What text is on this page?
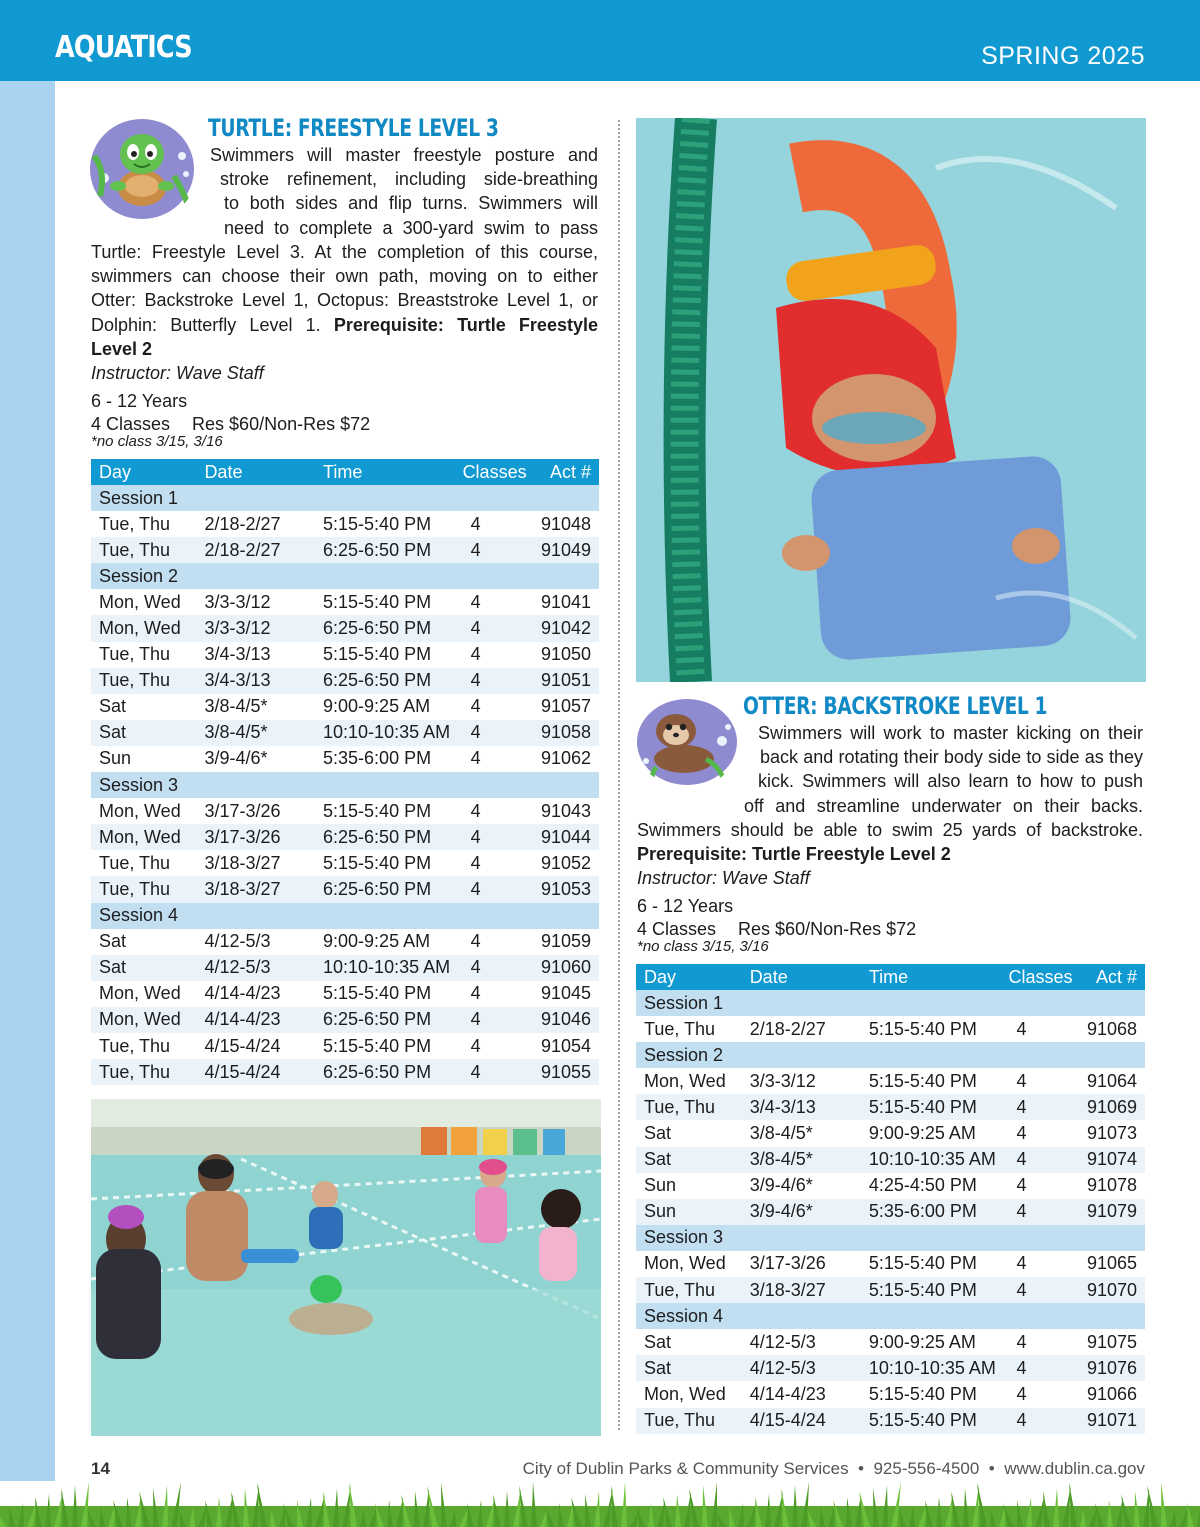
AQUATICS	SPRING 2025
TURTLE: FREESTYLE LEVEL 3
Swimmers will master freestyle posture and
stroke refinement, including side-breathing
to both sides and flip turns. Swimmers will
need to complete a 300-yard swim to pass
Turtle: Freestyle Level 3. At the completion of this course, swimmers can choose their own path, moving on to either Otter: Backstroke Level 1, Octopus: Breaststroke Level 1, or Dolphin: Butterfly Level 1. Prerequisite: Turtle Freestyle Level 2
Instructor: Wave Staff
6 - 12 Years
4 Classes Res $60/Non-Res $72
*no class 3/15, 3/16
Day	Date	Time	Classes	Act #
Session 1				
Tue, Thu	2/18-2/27	5:15-5:40 PM	4	91048
Tue, Thu	2/18-2/27	6:25-6:50 PM	4	91049
Session 2				
Mon, Wed	3/3-3/12	5:15-5:40 PM	4	91041
Mon, Wed	3/3-3/12	6:25-6:50 PM	4	91042
Tue, Thu	3/4-3/13	5:15-5:40 PM	4	91050
Tue, Thu	3/4-3/13	6:25-6:50 PM	4	91051
Sat	3/8-4/5*	9:00-9:25 AM	4	91057
Sat	3/8-4/5*	10:10-10:35 AM	4	91058
Sun	3/9-4/6*	5:35-6:00 PM	4	91062
Session 3				
Mon, Wed	3/17-3/26	5:15-5:40 PM	4	91043
Mon, Wed	3/17-3/26	6:25-6:50 PM	4	91044
Tue, Thu	3/18-3/27	5:15-5:40 PM	4	91052
Tue, Thu	3/18-3/27	6:25-6:50 PM	4	91053
Session 4				
Sat	4/12-5/3	9:00-9:25 AM	4	91059
Sat	4/12-5/3	10:10-10:35 AM	4	91060
Mon, Wed	4/14-4/23	5:15-5:40 PM	4	91045
Mon, Wed	4/14-4/23	6:25-6:50 PM	4	91046
Tue, Thu	4/15-4/24	5:15-5:40 PM	4	91054
Tue, Thu	4/15-4/24	6:25-6:50 PM	4	91055
OTTER: BACKSTROKE LEVEL 1
Swimmers will work to master kicking on their
back and rotating their body side to side as they
kick. Swimmers will also learn to how to push
off and streamline underwater on their backs.
Swimmers should be able to swim 25 yards of backstroke.
Prerequisite: Turtle Freestyle Level 2
Instructor: Wave Staff
6 - 12 Years
4 Classes Res $60/Non-Res $72
*no class 3/15, 3/16
Day	Date	Time	Classes	Act #
Session 1				
Tue, Thu	2/18-2/27	5:15-5:40 PM	4	91068
Session 2				
Mon, Wed	3/3-3/12	5:15-5:40 PM	4	91064
Tue, Thu	3/4-3/13	5:15-5:40 PM	4	91069
Sat	3/8-4/5*	9:00-9:25 AM	4	91073
Sat	3/8-4/5*	10:10-10:35 AM	4	91074
Sun	3/9-4/6*	4:25-4:50 PM	4	91078
Sun	3/9-4/6*	5:35-6:00 PM	4	91079
Session 3				
Mon, Wed	3/17-3/26	5:15-5:40 PM	4	91065
Tue, Thu	3/18-3/27	5:15-5:40 PM	4	91070
Session 4				
Sat	4/12-5/3	9:00-9:25 AM	4	91075
Sat	4/12-5/3	10:10-10:35 AM	4	91076
Mon, Wed	4/14-4/23	5:15-5:40 PM	4	91066
Tue, Thu	4/15-4/24	5:15-5:40 PM	4	91071
14	City of Dublin Parks & Community Services • 925-556-4500 • www.dublin.ca.gov
